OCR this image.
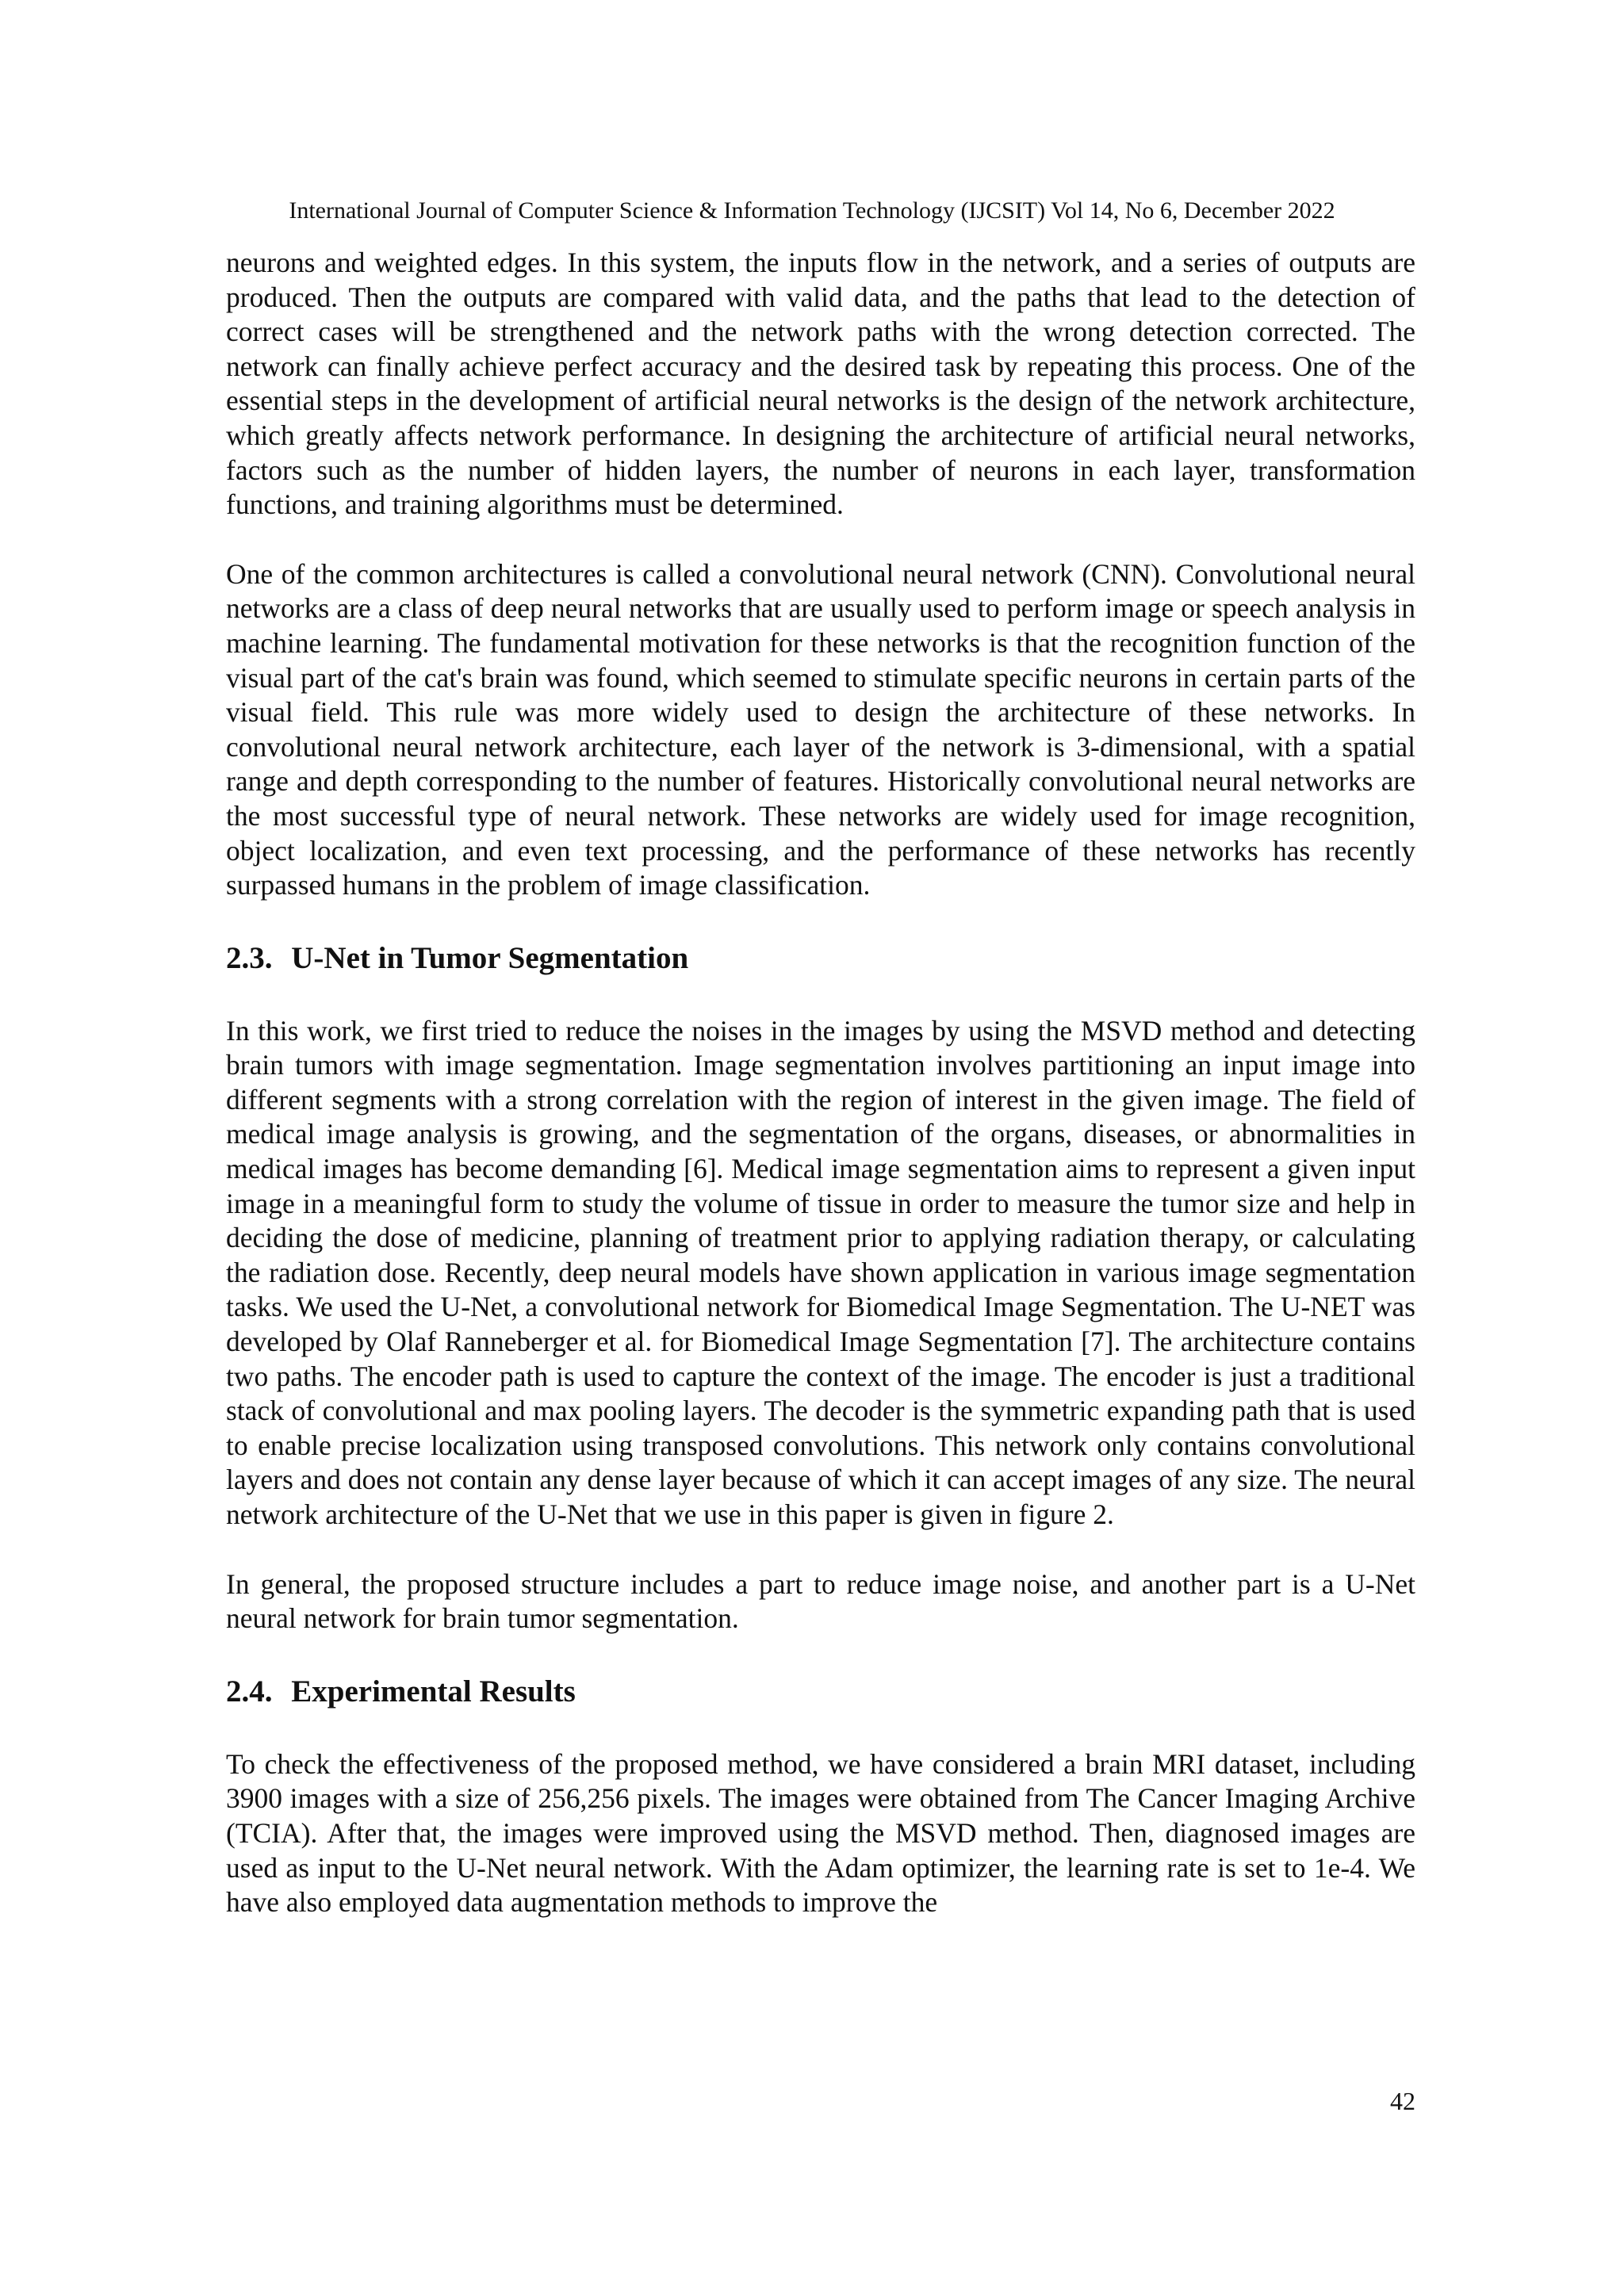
International Journal of Computer Science & Information Technology (IJCSIT) Vol 14, No 6, December 2022

neurons and weighted edges. In this system, the inputs flow in the network, and a series of outputs are produced. Then the outputs are compared with valid data, and the paths that lead to the detection of correct cases will be strengthened and the network paths with the wrong detection corrected. The network can finally achieve perfect accuracy and the desired task by repeating this process. One of the essential steps in the development of artificial neural networks is the design of the network architecture, which greatly affects network performance. In designing the architecture of artificial neural networks, factors such as the number of hidden layers, the number of neurons in each layer, transformation functions, and training algorithms must be determined.

One of the common architectures is called a convolutional neural network (CNN). Convolutional neural networks are a class of deep neural networks that are usually used to perform image or speech analysis in machine learning. The fundamental motivation for these networks is that the recognition function of the visual part of the cat's brain was found, which seemed to stimulate specific neurons in certain parts of the visual field. This rule was more widely used to design the architecture of these networks. In convolutional neural network architecture, each layer of the network is 3-dimensional, with a spatial range and depth corresponding to the number of features. Historically convolutional neural networks are the most successful type of neural network. These networks are widely used for image recognition, object localization, and even text processing, and the performance of these networks has recently surpassed humans in the problem of image classification.

2.3. U-Net in Tumor Segmentation

In this work, we first tried to reduce the noises in the images by using the MSVD method and detecting brain tumors with image segmentation. Image segmentation involves partitioning an input image into different segments with a strong correlation with the region of interest in the given image. The field of medical image analysis is growing, and the segmentation of the organs, diseases, or abnormalities in medical images has become demanding [6]. Medical image segmentation aims to represent a given input image in a meaningful form to study the volume of tissue in order to measure the tumor size and help in deciding the dose of medicine, planning of treatment prior to applying radiation therapy, or calculating the radiation dose. Recently, deep neural models have shown application in various image segmentation tasks. We used the U-Net, a convolutional network for Biomedical Image Segmentation. The U-NET was developed by Olaf Ranneberger et al. for Biomedical Image Segmentation [7]. The architecture contains two paths. The encoder path is used to capture the context of the image. The encoder is just a traditional stack of convolutional and max pooling layers. The decoder is the symmetric expanding path that is used to enable precise localization using transposed convolutions. This network only contains convolutional layers and does not contain any dense layer because of which it can accept images of any size. The neural network architecture of the U-Net that we use in this paper is given in figure 2.

In general, the proposed structure includes a part to reduce image noise, and another part is a U-Net neural network for brain tumor segmentation.

2.4. Experimental Results

To check the effectiveness of the proposed method, we have considered a brain MRI dataset, including 3900 images with a size of 256,256 pixels. The images were obtained from The Cancer Imaging Archive (TCIA). After that, the images were improved using the MSVD method. Then, diagnosed images are used as input to the U-Net neural network. With the Adam optimizer, the learning rate is set to 1e-4. We have also employed data augmentation methods to improve the

42
